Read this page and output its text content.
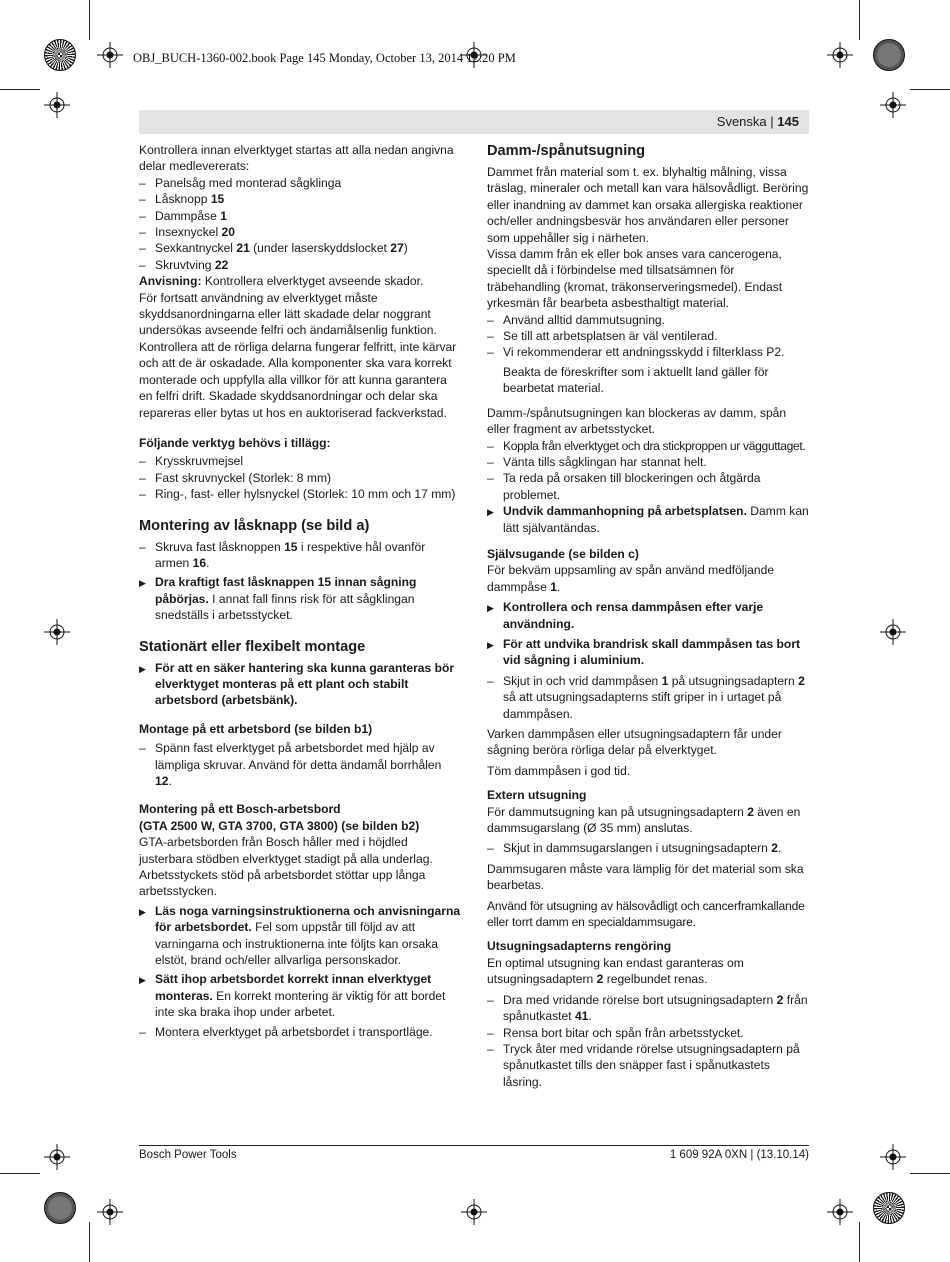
OBJ_BUCH-1360-002.book Page 145 Monday, October 13, 2014 12:20 PM
Svenska | 145

Kontrollera innan elverktyget startas att alla nedan angivna delar medlevererats:

– Panelsåg med monterad sågklinga
– Låsknopp 15
– Dammpåse 1
– Insexnyckel 20
– Sexkantnyckel 21 (under laserskyddslocket 27)
– Skruvtving 22

Anvisning: Kontrollera elverktyget avseende skador.

För fortsatt användning av elverktyget måste skyddsanordningarna eller lätt skadade delar noggrant undersökas avseende felfri och ändamålsenlig funktion. Kontrollera att de rörliga delarna fungerar felfritt, inte kärvar och att de är oskadade. Alla komponenter ska vara korrekt monterade och uppfylla alla villkor för att kunna garantera en felfri drift. Skadade skyddsanordningar och delar ska repareras eller bytas ut hos en auktoriserad fackverkstad.

Följande verktyg behövs i tillägg:

– Krysskruvmejsel
– Fast skruvnyckel (Storlek: 8 mm)
– Ring-, fast- eller hylsnyckel (Storlek: 10 mm och 17 mm)

Montering av låsknapp (se bild a)

– Skruva fast låsknoppen 15 i respektive hål ovanför armen 16.
▶ Dra kraftigt fast låsknappen 15 innan sågning påbörjas. I annat fall finns risk för att sågklingan snedställs i arbetsstycket.

Stationärt eller flexibelt montage

▶ För att en säker hantering ska kunna garanteras bör elverktyget monteras på ett plant och stabilt arbetsbord (arbetsbänk).

Montage på ett arbetsbord (se bilden b1)

– Spänn fast elverktyget på arbetsbordet med hjälp av lämpliga skruvar. Använd för detta ändamål borrhålen 12.

Montering på ett Bosch-arbetsbord

(GTA 2500 W, GTA 3700, GTA 3800) (se bilden b2)

GTA-arbetsborden från Bosch håller med i höjdled justerbara stödben elverktyget stadigt på alla underlag. Arbetsstyckets stöd på arbetsbordet stöttar upp långa arbetsstycken.

▶ Läs noga varningsinstruktionerna och anvisningarna för arbetsbordet. Fel som uppstår till följd av att varningarna och instruktionerna inte följts kan orsaka elstöt, brand och/eller allvarliga personskador.
▶ Sätt ihop arbetsbordet korrekt innan elverktyget monteras. En korrekt montering är viktig för att bordet inte ska braka ihop under arbetet.
– Montera elverktyget på arbetsbordet i transportläge.

Damm-/spånutsugning

Dammet från material som t. ex. blyhaltig målning, vissa träslag, mineraler och metall kan vara hälsovådligt. Beröring eller inandning av dammet kan orsaka allergiska reaktioner och/eller andningsbesvär hos användaren eller personer som uppehåller sig i närheten.

Vissa damm från ek eller bok anses vara cancerogena, speciellt då i förbindelse med tillsatsämnen för träbehandling (kromat, träkonserveringsmedel). Endast yrkesmän får bearbeta asbesthaltigt material.

– Använd alltid dammutsugning.
– Se till att arbetsplatsen är väl ventilerad.
– Vi rekommenderar ett andningsskydd i filterklass P2.

Beakta de föreskrifter som i aktuellt land gäller för bearbetat material.

Damm-/spånutsugningen kan blockeras av damm, spån eller fragment av arbetsstycket.

– Koppla från elverktyget och dra stickproppen ur vägguttaget.
– Vänta tills sågklingan har stannat helt.
– Ta reda på orsaken till blockeringen och åtgärda problemet.
▶ Undvik dammanhopning på arbetsplatsen. Damm kan lätt självantändas.

Självsugande (se bilden c)

För bekväm uppsamling av spån använd medföljande dammpåse 1.

▶ Kontrollera och rensa dammpåsen efter varje användning.
▶ För att undvika brandrisk skall dammpåsen tas bort vid sågning i aluminium.
– Skjut in och vrid dammpåsen 1 på utsugningsadaptern 2 så att utsugningsadapterns stift griper in i urtaget på dammpåsen.

Varken dammpåsen eller utsugningsadaptern får under sågning beröra rörliga delar på elverktyget.

Töm dammpåsen i god tid.

Extern utsugning

För dammutsugning kan på utsugningsadaptern 2 även en dammsugarslang (Ø 35 mm) anslutas.

– Skjut in dammsugarslangen i utsugningsadaptern 2.

Dammsugaren måste vara lämplig för det material som ska bearbetas.

Använd för utsugning av hälsovådligt och cancerframkallande eller torrt damm en specialdammsugare.

Utsugningsadapterns rengöring

En optimal utsugning kan endast garanteras om utsugningsadaptern 2 regelbundet renas.

– Dra med vridande rörelse bort utsugningsadaptern 2 från spånutkastet 41.
– Rensa bort bitar och spån från arbetsstycket.
– Tryck åter med vridande rörelse utsugningsadaptern på spånutkastet tills den snäpper fast i spånutkastets låsring.
Bosch Power Tools	1 609 92A 0XN | (13.10.14)
